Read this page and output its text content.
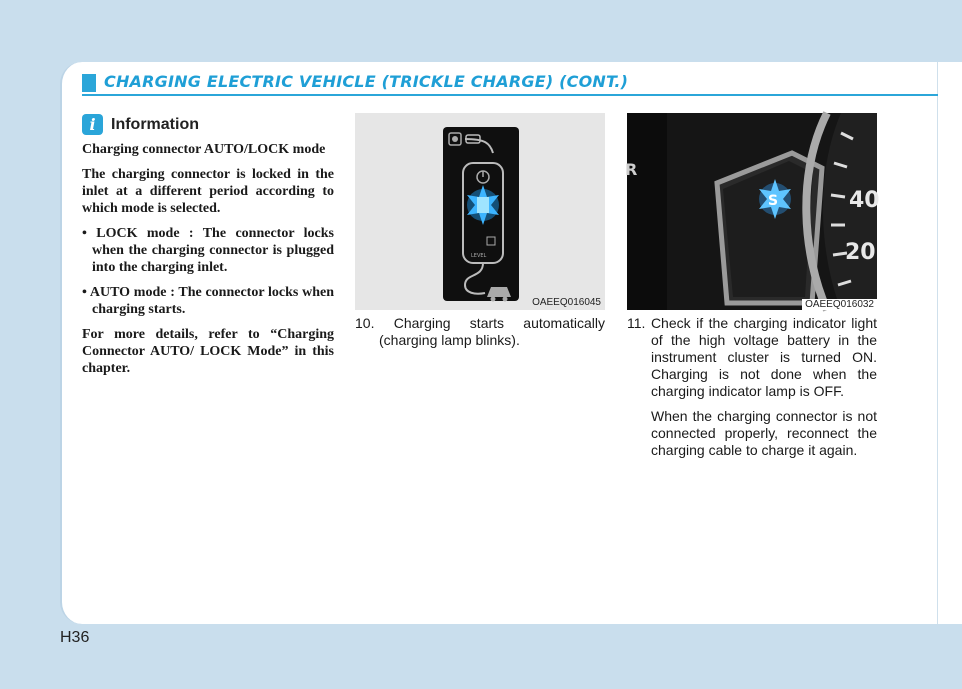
CHARGING ELECTRIC VEHICLE (TRICKLE CHARGE) (CONT.)
i Information

Charging connector AUTO/LOCK mode

The charging connector is locked in the inlet at a different period according to which mode is selected.

• LOCK mode : The connector locks when the charging connector is plugged into the charging inlet.

• AUTO mode : The connector locks when charging starts.

For more details, refer to “Charging Connector AUTO/ LOCK Mode” in this chapter.

LEVEL
OAEEQ016045
R
S	40
20
OAEEQ016032

10. Charging starts automatically (charging lamp blinks).

11. Check if the charging indicator light of the high voltage battery in the instrument cluster is turned ON. Charging is not done when the charging indicator lamp is OFF.

When the charging connector is not connected properly, reconnect the charging cable to charge it again.

H36
